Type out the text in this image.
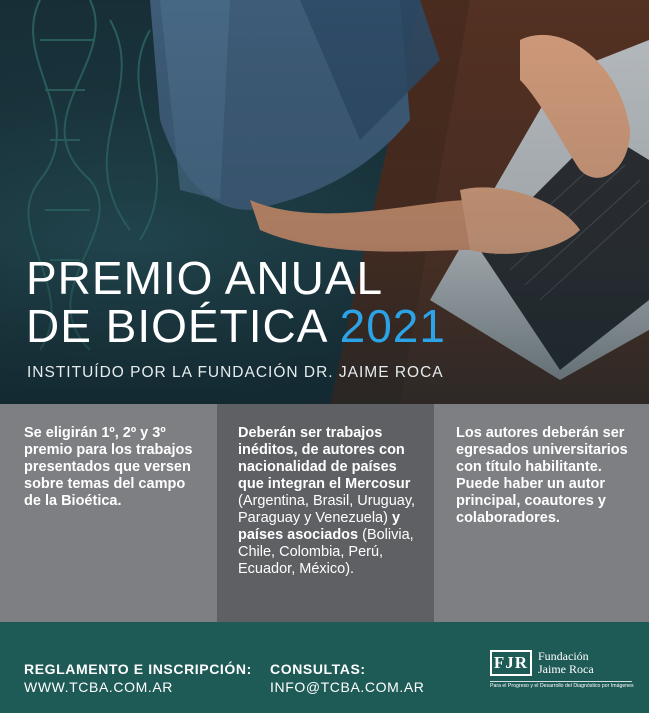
PREMIO ANUAL
DE BIOÉTICA 2021
INSTITUÍDO POR LA FUNDACIÓN DR. JAIME ROCA
Se eligirán 1º, 2º y 3º premio para los trabajos presentados que versen sobre temas del campo de la Bioética.
Deberán ser trabajos inéditos, de autores con nacionalidad de países que integran el Mercosur (Argentina, Brasil, Uruguay, Paraguay y Venezuela) y países asociados (Bolivia, Chile, Colombia, Perú, Ecuador, México).
Los autores deberán ser egresados universitarios con título habilitante. Puede haber un autor principal, coautores y colaboradores.
REGLAMENTO E INSCRIPCIÓN:
WWW.TCBA.COM.AR
CONSULTAS:
INFO@TCBA.COM.AR
FJR Fundación
Jaime Roca
Para el Progreso y el Desarrollo del Diagnóstico por Imágenes
